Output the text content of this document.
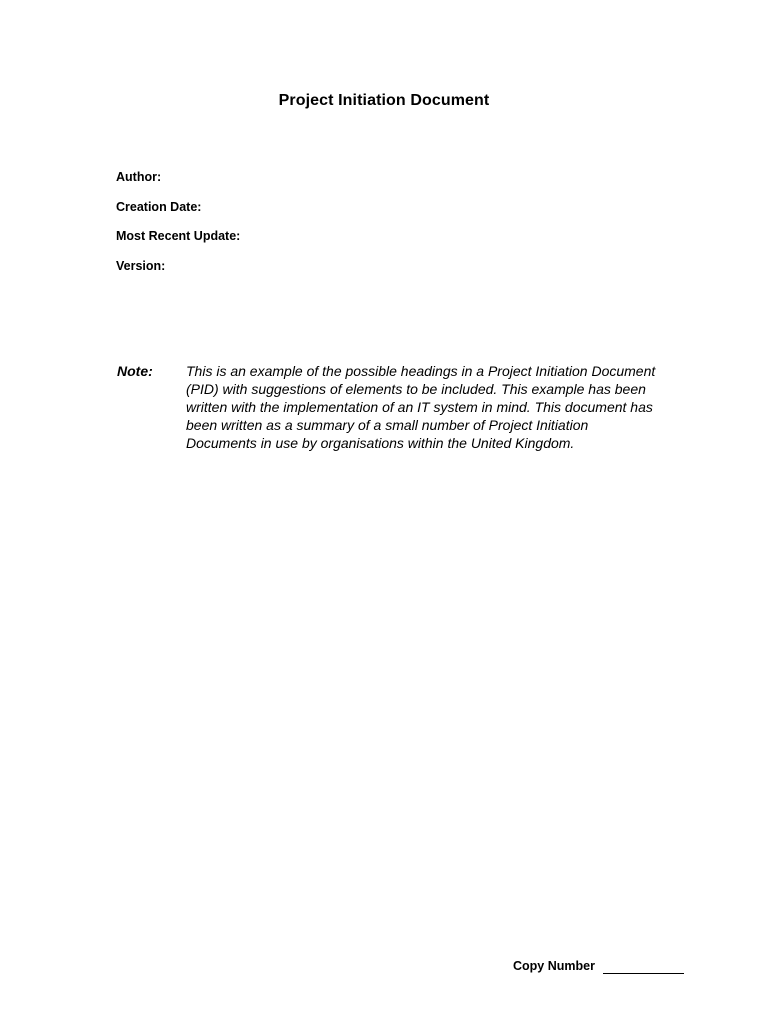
Project Initiation Document
Author:
Creation Date:
Most Recent Update:
Version:
Note: This is an example of the possible headings in a Project Initiation Document (PID) with suggestions of elements to be included. This example has been written with the implementation of an IT system in mind. This document has been written as a summary of a small number of Project Initiation Documents in use by organisations within the United Kingdom.
Copy Number
